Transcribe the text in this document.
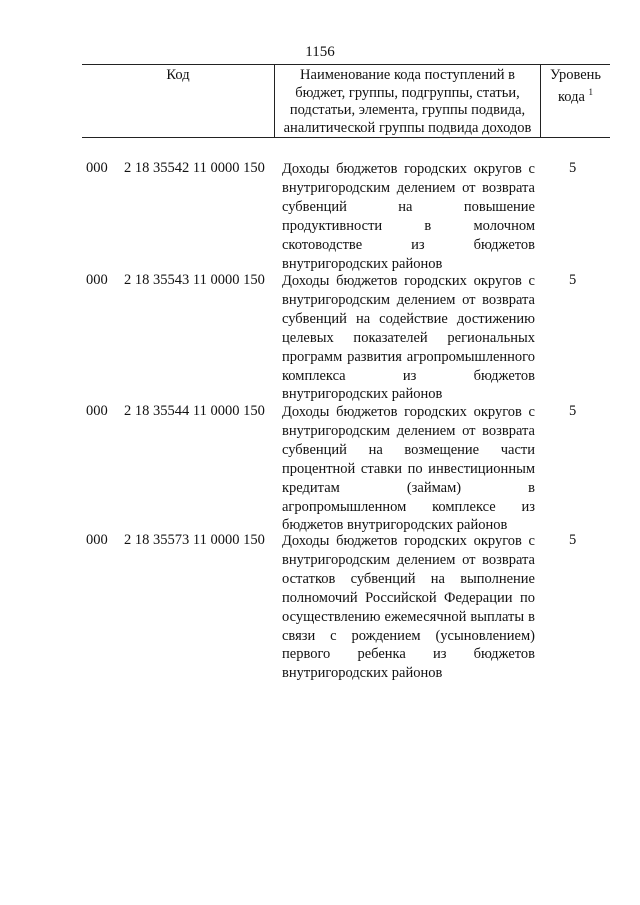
1156
Код	Наименование кода поступлений в
бюджет, группы, подгруппы, статьи,
подстатьи, элемента, группы подвида,
аналитической группы подвида доходов
Уровень
кода $^1$
000 2 18 35542 11 0000 150 Доходы бюджетов городских округов с
внутригородским делением от возврата
субвенций на повышение
продуктивности в молочном
скотоводстве из бюджетов
внутригородских районов
5
000 2 18 35543 11 0000 150 Доходы бюджетов городских округов с
внутригородским делением от возврата
субвенций на содействие достижению
целевых показателей региональных
программ развития агропромышленного
комплекса из бюджетов
внутригородских районов
5
000 2 18 35544 11 0000 150 Доходы бюджетов городских округов с
внутригородским делением от возврата
субвенций на возмещение части
процентной ставки по инвестиционным
кредитам (займам) в
агропромышленном комплексе из
бюджетов внутригородских районов
5
000 2 18 35573 11 0000 150 Доходы бюджетов городских округов с
внутригородским делением от возврата
остатков субвенций на выполнение
полномочий Российской Федерации по
осуществлению ежемесячной выплаты в
связи с рождением (усыновлением)
первого ребенка из бюджетов
внутригородских районов
5
